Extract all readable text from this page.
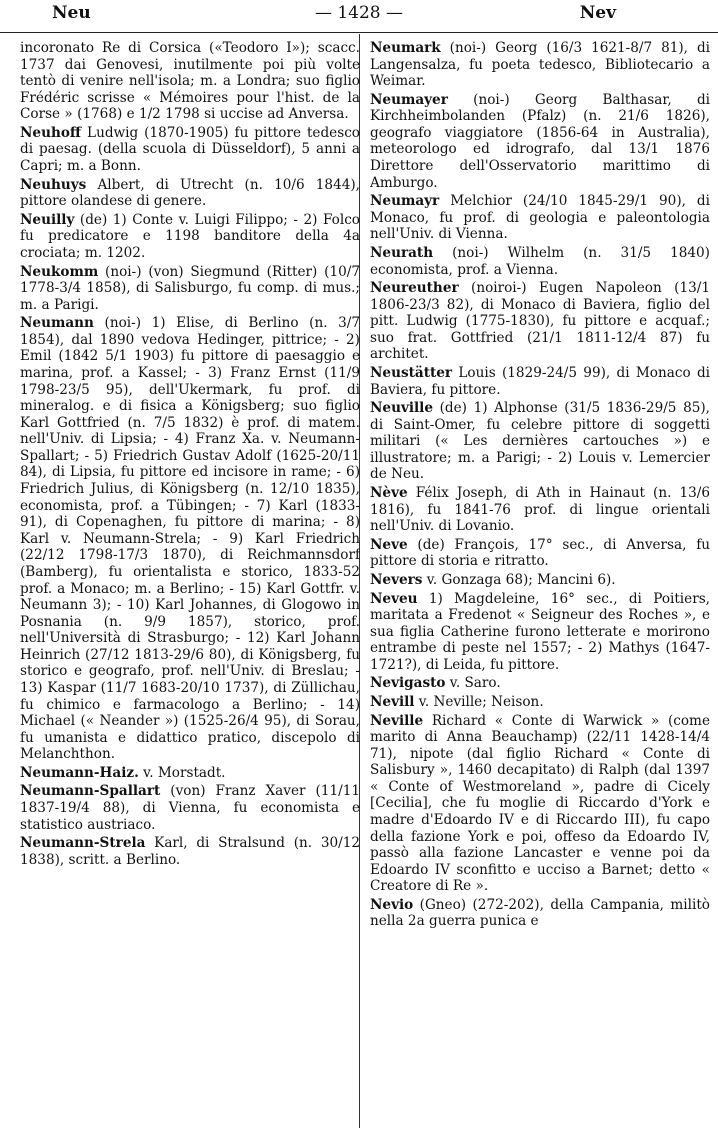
— 1428 —
Neu	Nev

incoronato Re di Corsica («Teodoro I»); scacc. 1737 dai Genovesi, inutilmente poi più volte tentò di venire nell'isola; m. a Londra; suo figlio Frédéric scrisse « Mémoires pour l'hist. de la Corse » (1768) e 1/2 1798 si uccise ad Anversa.

Neuhoff Ludwig (1870-1905) fu pittore tedesco di paesag. (della scuola di Düsseldorf), 5 anni a Capri; m. a Bonn.

Neuhuys Albert, di Utrecht (n. 10/6 1844), pittore olandese di genere.

Neuilly (de) 1) Conte v. Luigi Filippo; - 2) Folco fu predicatore e 1198 banditore della 4a crociata; m. 1202.

Neukomm (noi-) (von) Siegmund (Ritter) (10/7 1778-3/4 1858), di Salisburgo, fu comp. di mus.; m. a Parigi.

Neumann (noi-) 1) Elise, di Berlino (n. 3/7 1854), dal 1890 vedova Hedinger, pittrice; - 2) Emil (1842 5/1 1903) fu pittore di paesaggio e marina, prof. a Kassel; - 3) Franz Ernst (11/9 1798-23/5 95), dell'Ukermark, fu prof. di mineralog. e di fisica a Königsberg; suo figlio Karl Gottfried (n. 7/5 1832) è prof. di matem. nell'Univ. di Lipsia; - 4) Franz Xa. v. Neumann-Spallart; - 5) Friedrich Gustav Adolf (1625-20/11 84), di Lipsia, fu pittore ed incisore in rame; - 6) Friedrich Julius, di Königsberg (n. 12/10 1835), economista, prof. a Tübingen; - 7) Karl (1833-91), di Copenaghen, fu pittore di marina; - 8) Karl v. Neumann-Strela; - 9) Karl Friedrich (22/12 1798-17/3 1870), di Reichmannsdorf (Bamberg), fu orientalista e storico, 1833-52 prof. a Monaco; m. a Berlino; - 15) Karl Gottfr. v. Neumann 3); - 10) Karl Johannes, di Glogowo in Posnania (n. 9/9 1857), storico, prof. nell'Università di Strasburgo; - 12) Karl Johann Heinrich (27/12 1813-29/6 80), di Königsberg, fu storico e geografo, prof. nell'Univ. di Breslau; - 13) Kaspar (11/7 1683-20/10 1737), di Züllichau, fu chimico e farmacologo a Berlino; - 14) Michael (« Neander ») (1525-26/4 95), di Sorau, fu umanista e didattico pratico, discepolo di Melanchthon.

Neumann-Haiz. v. Morstadt.

Neumann-Spallart (von) Franz Xaver (11/11 1837-19/4 88), di Vienna, fu economista e statistico austriaco.

Neumann-Strela Karl, di Stralsund (n. 30/12 1838), scritt. a Berlino.

Neumark (noi-) Georg (16/3 1621-8/7 81), di Langensalza, fu poeta tedesco, Bibliotecario a Weimar.

Neumayer (noi-) Georg Balthasar, di Kirchheimbolanden (Pfalz) (n. 21/6 1826), geografo viaggiatore (1856-64 in Australia), meteorologo ed idrografo, dal 13/1 1876 Direttore dell'Osservatorio marittimo di Amburgo.

Neumayr Melchior (24/10 1845-29/1 90), di Monaco, fu prof. di geologia e paleontologia nell'Univ. di Vienna.

Neurath (noi-) Wilhelm (n. 31/5 1840) economista, prof. a Vienna.

Neureuther (noiroi-) Eugen Napoleon (13/1 1806-23/3 82), di Monaco di Baviera, figlio del pitt. Ludwig (1775-1830), fu pittore e acquaf.; suo frat. Gottfried (21/1 1811-12/4 87) fu architet.

Neustätter Louis (1829-24/5 99), di Monaco di Baviera, fu pittore.

Neuville (de) 1) Alphonse (31/5 1836-29/5 85), di Saint-Omer, fu celebre pittore di soggetti militari (« Les dernières cartouches ») e illustratore; m. a Parigi; - 2) Louis v. Lemercier de Neu.

Nève Félix Joseph, di Ath in Hainaut (n. 13/6 1816), fu 1841-76 prof. di lingue orientali nell'Univ. di Lovanio.

Neve (de) François, 17° sec., di Anversa, fu pittore di storia e ritratto.

Nevers v. Gonzaga 68); Mancini 6).

Neveu 1) Magdeleine, 16° sec., di Poitiers, maritata a Fredenot « Seigneur des Roches », e sua figlia Catherine furono letterate e morirono entrambe di peste nel 1557; - 2) Mathys (1647-1721?), di Leida, fu pittore.

Nevigasto v. Saro.

Nevill v. Neville; Neison.

Neville Richard « Conte di Warwick » (come marito di Anna Beauchamp) (22/11 1428-14/4 71), nipote (dal figlio Richard « Conte di Salisbury », 1460 decapitato) di Ralph (dal 1397 « Conte of Westmoreland », padre di Cicely [Cecilia], che fu moglie di Riccardo d'York e madre d'Edoardo IV e di Riccardo III), fu capo della fazione York e poi, offeso da Edoardo IV, passò alla fazione Lancaster e venne poi da Edoardo IV sconfitto e ucciso a Barnet; detto « Creatore di Re ».

Nevio (Gneo) (272-202), della Campania, militò nella 2a guerra punica e
